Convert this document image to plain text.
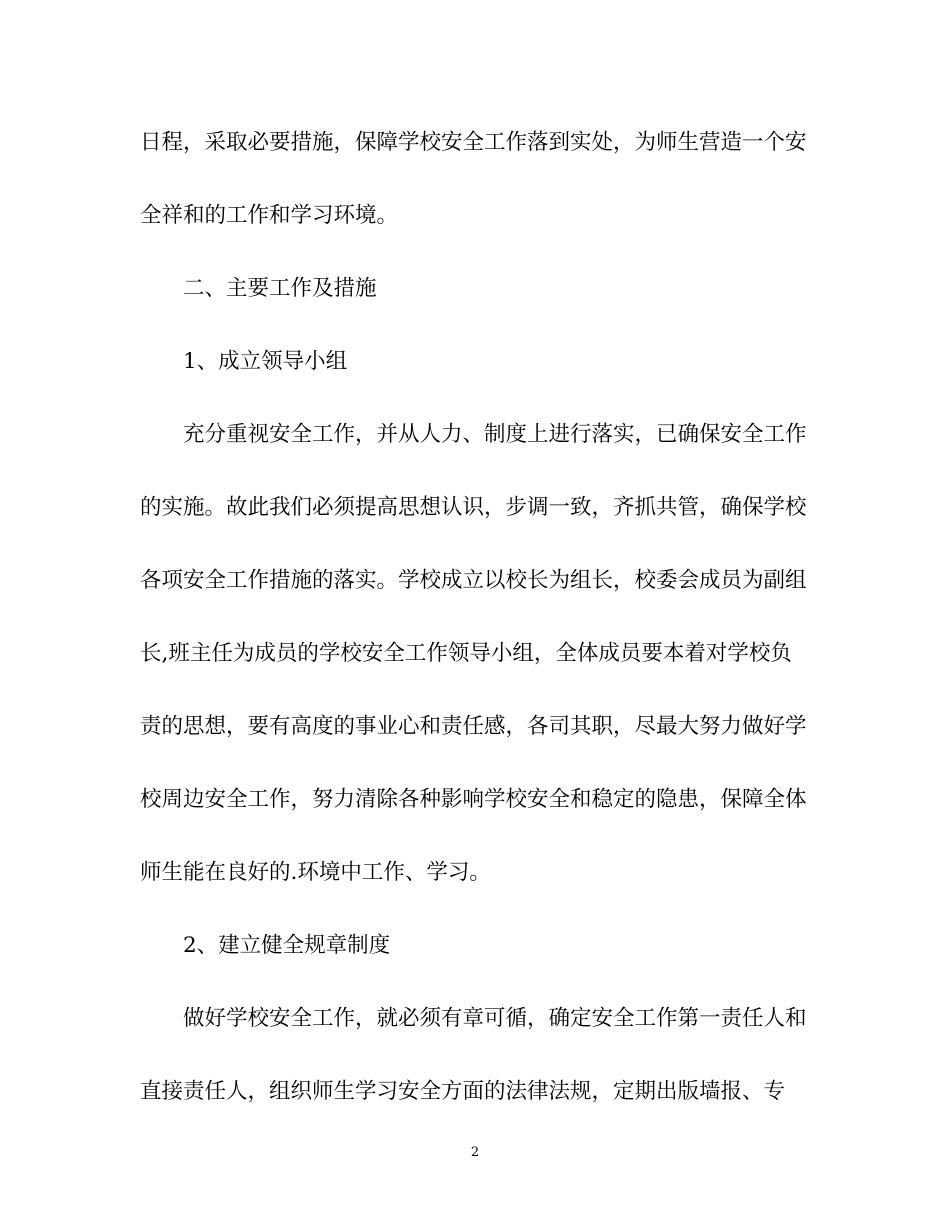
日程，采取必要措施，保障学校安全工作落到实处，为师生营造一个安

全祥和的工作和学习环境。

二、主要工作及措施

1、成立领导小组

充分重视安全工作，并从人力、制度上进行落实，已确保安全工作

的实施。故此我们必须提高思想认识，步调一致，齐抓共管，确保学校

各项安全工作措施的落实。学校成立以校长为组长，校委会成员为副组

长,班主任为成员的学校安全工作领导小组，全体成员要本着对学校负

责的思想，要有高度的事业心和责任感，各司其职，尽最大努力做好学

校周边安全工作，努力清除各种影响学校安全和稳定的隐患，保障全体

师生能在良好的.环境中工作、学习。

2、建立健全规章制度

做好学校安全工作，就必须有章可循，确定安全工作第一责任人和

直接责任人，组织师生学习安全方面的法律法规，定期出版墙报、专

2
